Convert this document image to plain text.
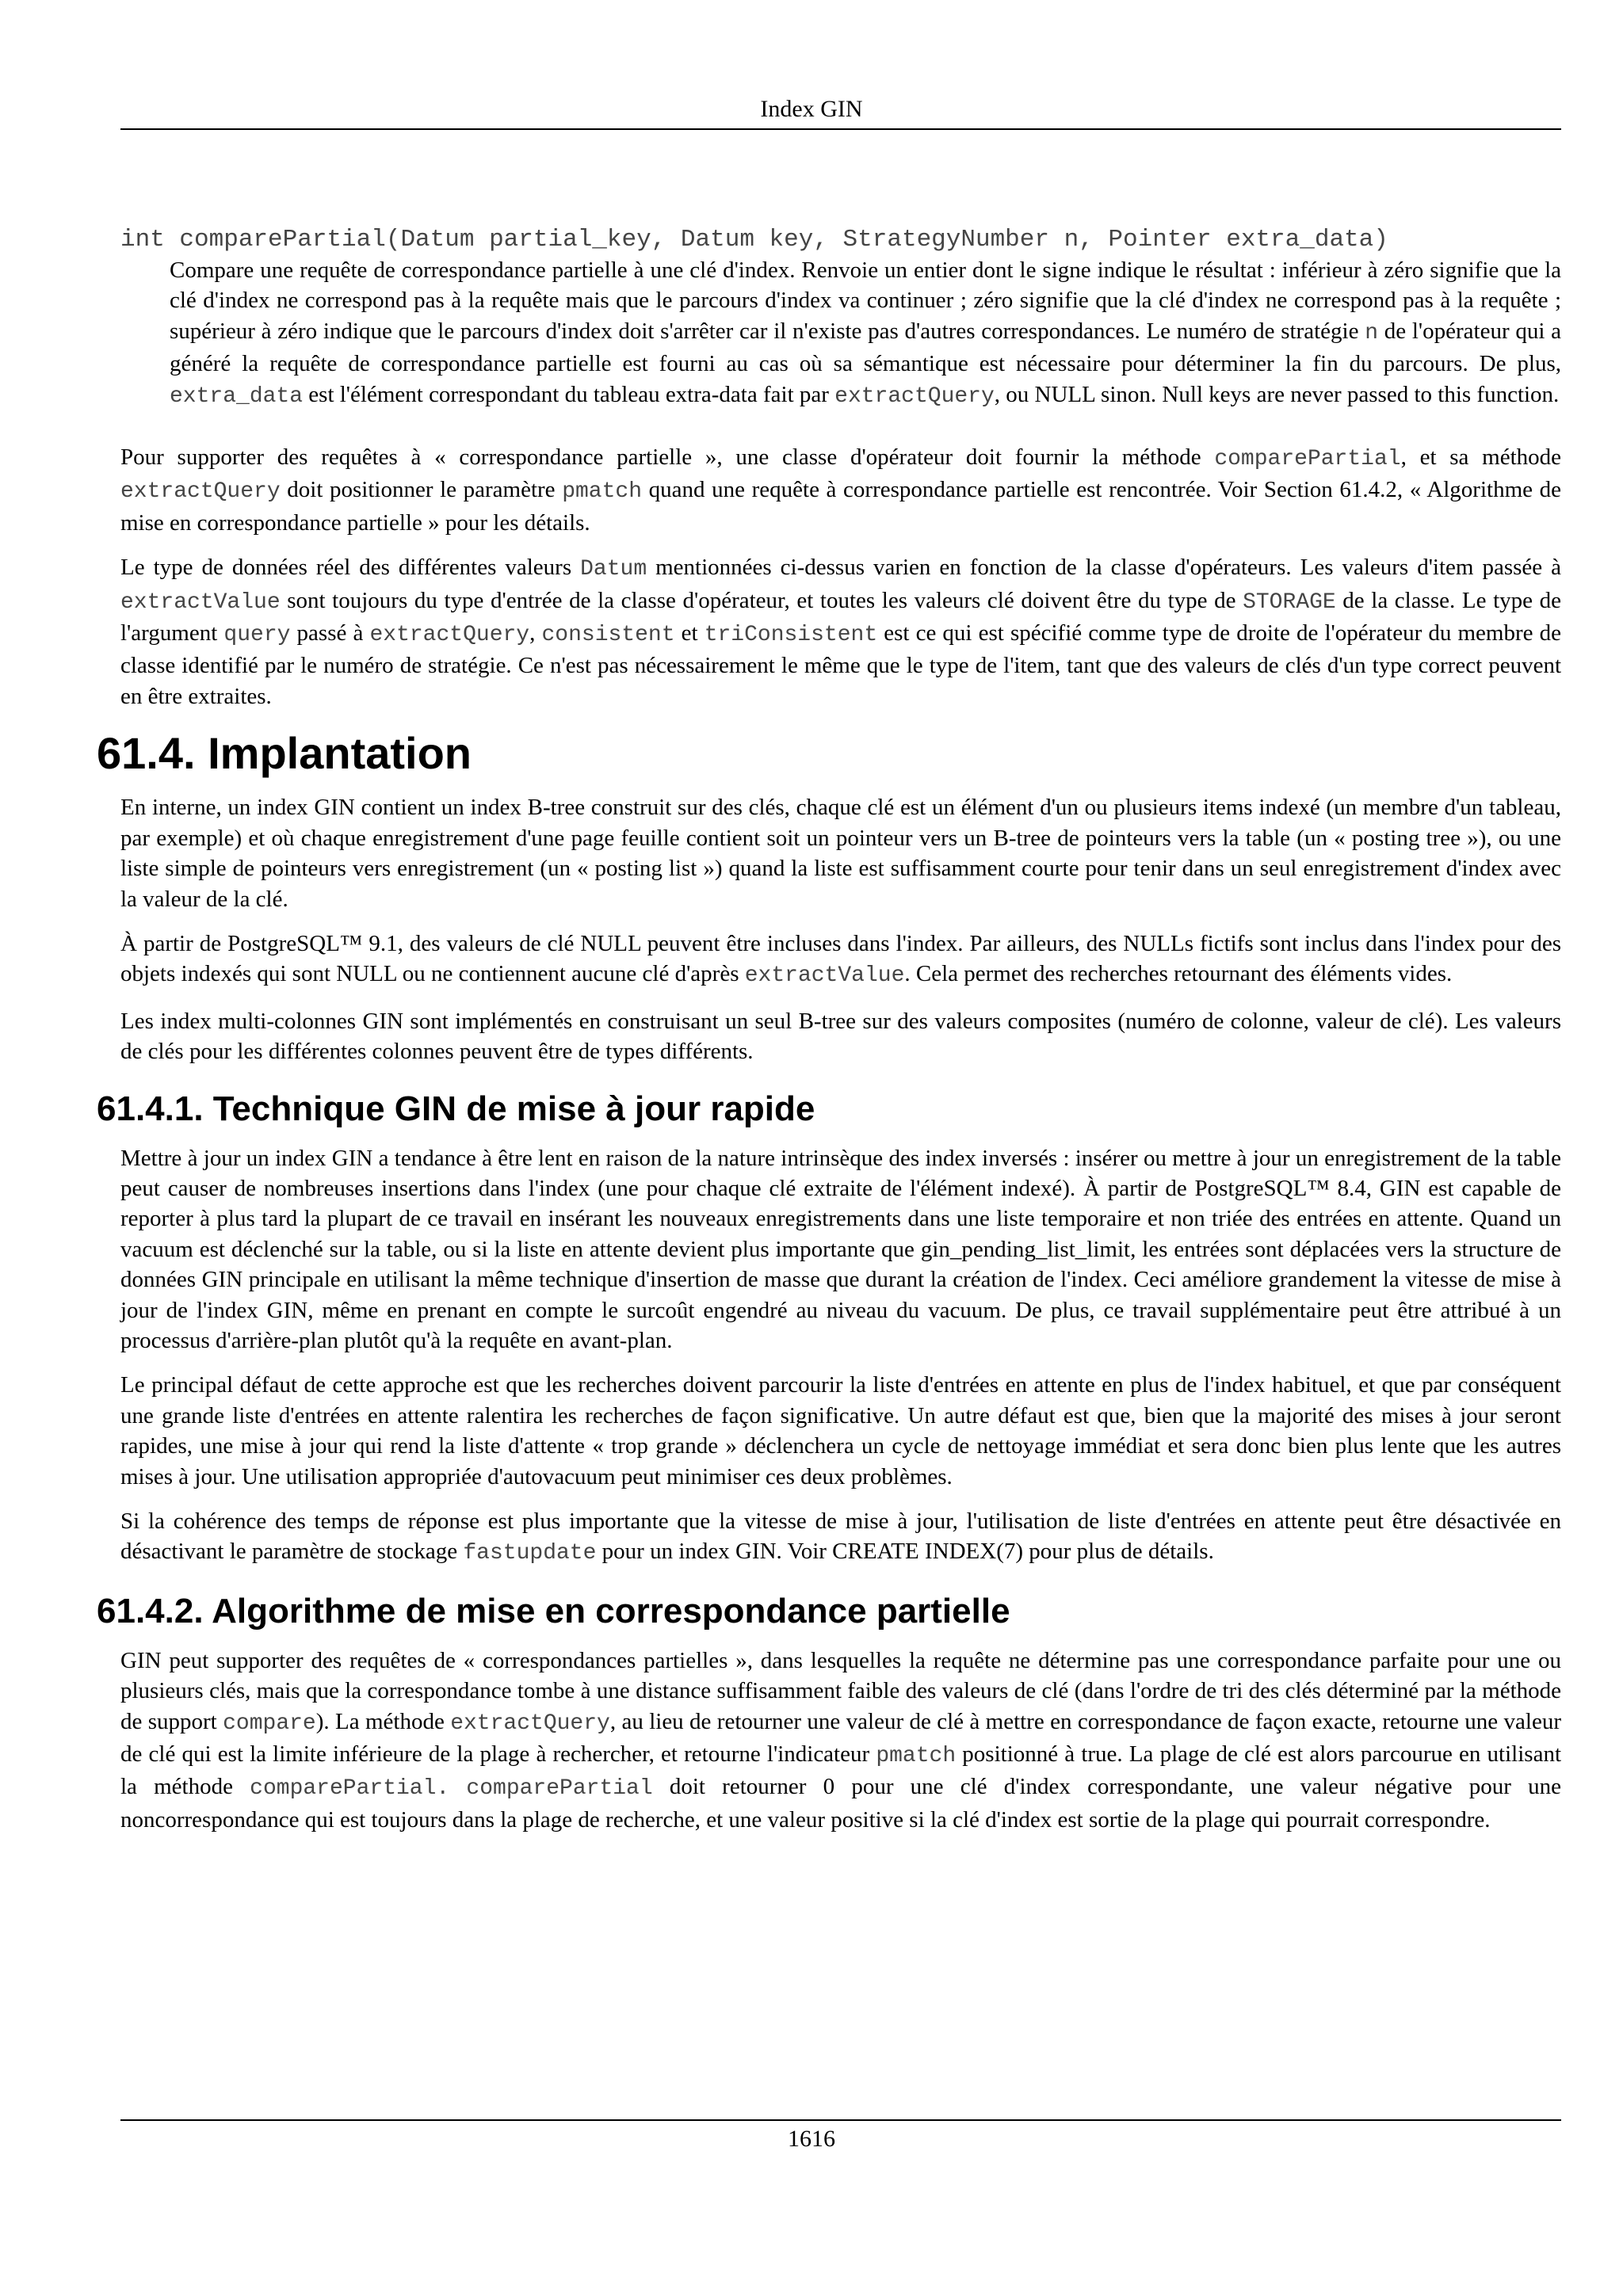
Index GIN
int comparePartial(Datum partial_key, Datum key, StrategyNumber n, Pointer extra_data)

Compare une requête de correspondance partielle à une clé d'index. Renvoie un entier dont le signe indique le résultat : inférieur à zéro signifie que la clé d'index ne correspond pas à la requête mais que le parcours d'index va continuer ; zéro signifie que la clé d'index ne correspond pas à la requête ; supérieur à zéro indique que le parcours d'index doit s'arrêter car il n'existe pas d'autres correspondances. Le numéro de stratégie n de l'opérateur qui a généré la requête de correspondance partielle est fourni au cas où sa sémantique est nécessaire pour déterminer la fin du parcours. De plus, extra_data est l'élément correspondant du tableau extra-data fait par extractQuery, ou NULL sinon. Null keys are never passed to this function.

Pour supporter des requêtes à « correspondance partielle », une classe d'opérateur doit fournir la méthode comparePartial, et sa méthode extractQuery doit positionner le paramètre pmatch quand une requête à correspondance partielle est rencontrée. Voir Section 61.4.2, « Algorithme de mise en correspondance partielle » pour les détails.

Le type de données réel des différentes valeurs Datum mentionnées ci-dessus varien en fonction de la classe d'opérateurs. Les valeurs d'item passée à extractValue sont toujours du type d'entrée de la classe d'opérateur, et toutes les valeurs clé doivent être du type de STORAGE de la classe. Le type de l'argument query passé à extractQuery, consistent et triConsistent est ce qui est spécifié comme type de droite de l'opérateur du membre de classe identifié par le numéro de stratégie. Ce n'est pas nécessairement le même que le type de l'item, tant que des valeurs de clés d'un type correct peuvent en être extraites.

61.4. Implantation

En interne, un index GIN contient un index B-tree construit sur des clés, chaque clé est un élément d'un ou plusieurs items indexé (un membre d'un tableau, par exemple) et où chaque enregistrement d'une page feuille contient soit un pointeur vers un B-tree de pointeurs vers la table (un « posting tree »), ou une liste simple de pointeurs vers enregistrement (un « posting list ») quand la liste est suffisamment courte pour tenir dans un seul enregistrement d'index avec la valeur de la clé.

À partir de PostgreSQL™ 9.1, des valeurs de clé NULL peuvent être incluses dans l'index. Par ailleurs, des NULLs fictifs sont inclus dans l'index pour des objets indexés qui sont NULL ou ne contiennent aucune clé d'après extractValue. Cela permet des recherches retournant des éléments vides.

Les index multi-colonnes GIN sont implémentés en construisant un seul B-tree sur des valeurs composites (numéro de colonne, valeur de clé). Les valeurs de clés pour les différentes colonnes peuvent être de types différents.

61.4.1. Technique GIN de mise à jour rapide

Mettre à jour un index GIN a tendance à être lent en raison de la nature intrinsèque des index inversés : insérer ou mettre à jour un enregistrement de la table peut causer de nombreuses insertions dans l'index (une pour chaque clé extraite de l'élément indexé). À partir de PostgreSQL™ 8.4, GIN est capable de reporter à plus tard la plupart de ce travail en insérant les nouveaux enregistrements dans une liste temporaire et non triée des entrées en attente. Quand un vacuum est déclenché sur la table, ou si la liste en attente devient plus importante que gin_pending_list_limit, les entrées sont déplacées vers la structure de données GIN principale en utilisant la même technique d'insertion de masse que durant la création de l'index. Ceci améliore grandement la vitesse de mise à jour de l'index GIN, même en prenant en compte le surcoût engendré au niveau du vacuum. De plus, ce travail supplémentaire peut être attribué à un processus d'arrière-plan plutôt qu'à la requête en avant-plan.

Le principal défaut de cette approche est que les recherches doivent parcourir la liste d'entrées en attente en plus de l'index habituel, et que par conséquent une grande liste d'entrées en attente ralentira les recherches de façon significative. Un autre défaut est que, bien que la majorité des mises à jour seront rapides, une mise à jour qui rend la liste d'attente « trop grande » déclenchera un cycle de nettoyage immédiat et sera donc bien plus lente que les autres mises à jour. Une utilisation appropriée d'autovacuum peut minimiser ces deux problèmes.

Si la cohérence des temps de réponse est plus importante que la vitesse de mise à jour, l'utilisation de liste d'entrées en attente peut être désactivée en désactivant le paramètre de stockage fastupdate pour un index GIN. Voir CREATE INDEX(7) pour plus de détails.

61.4.2. Algorithme de mise en correspondance partielle

GIN peut supporter des requêtes de « correspondances partielles », dans lesquelles la requête ne détermine pas une correspondance parfaite pour une ou plusieurs clés, mais que la correspondance tombe à une distance suffisamment faible des valeurs de clé (dans l'ordre de tri des clés déterminé par la méthode de support compare). La méthode extractQuery, au lieu de retourner une valeur de clé à mettre en correspondance de façon exacte, retourne une valeur de clé qui est la limite inférieure de la plage à rechercher, et retourne l'indicateur pmatch positionné à true. La plage de clé est alors parcourue en utilisant la méthode comparePartial. comparePartial doit retourner 0 pour une clé d'index correspondante, une valeur négative pour une noncorrespondance qui est toujours dans la plage de recherche, et une valeur positive si la clé d'index est sortie de la plage qui pourrait correspondre.

1616
